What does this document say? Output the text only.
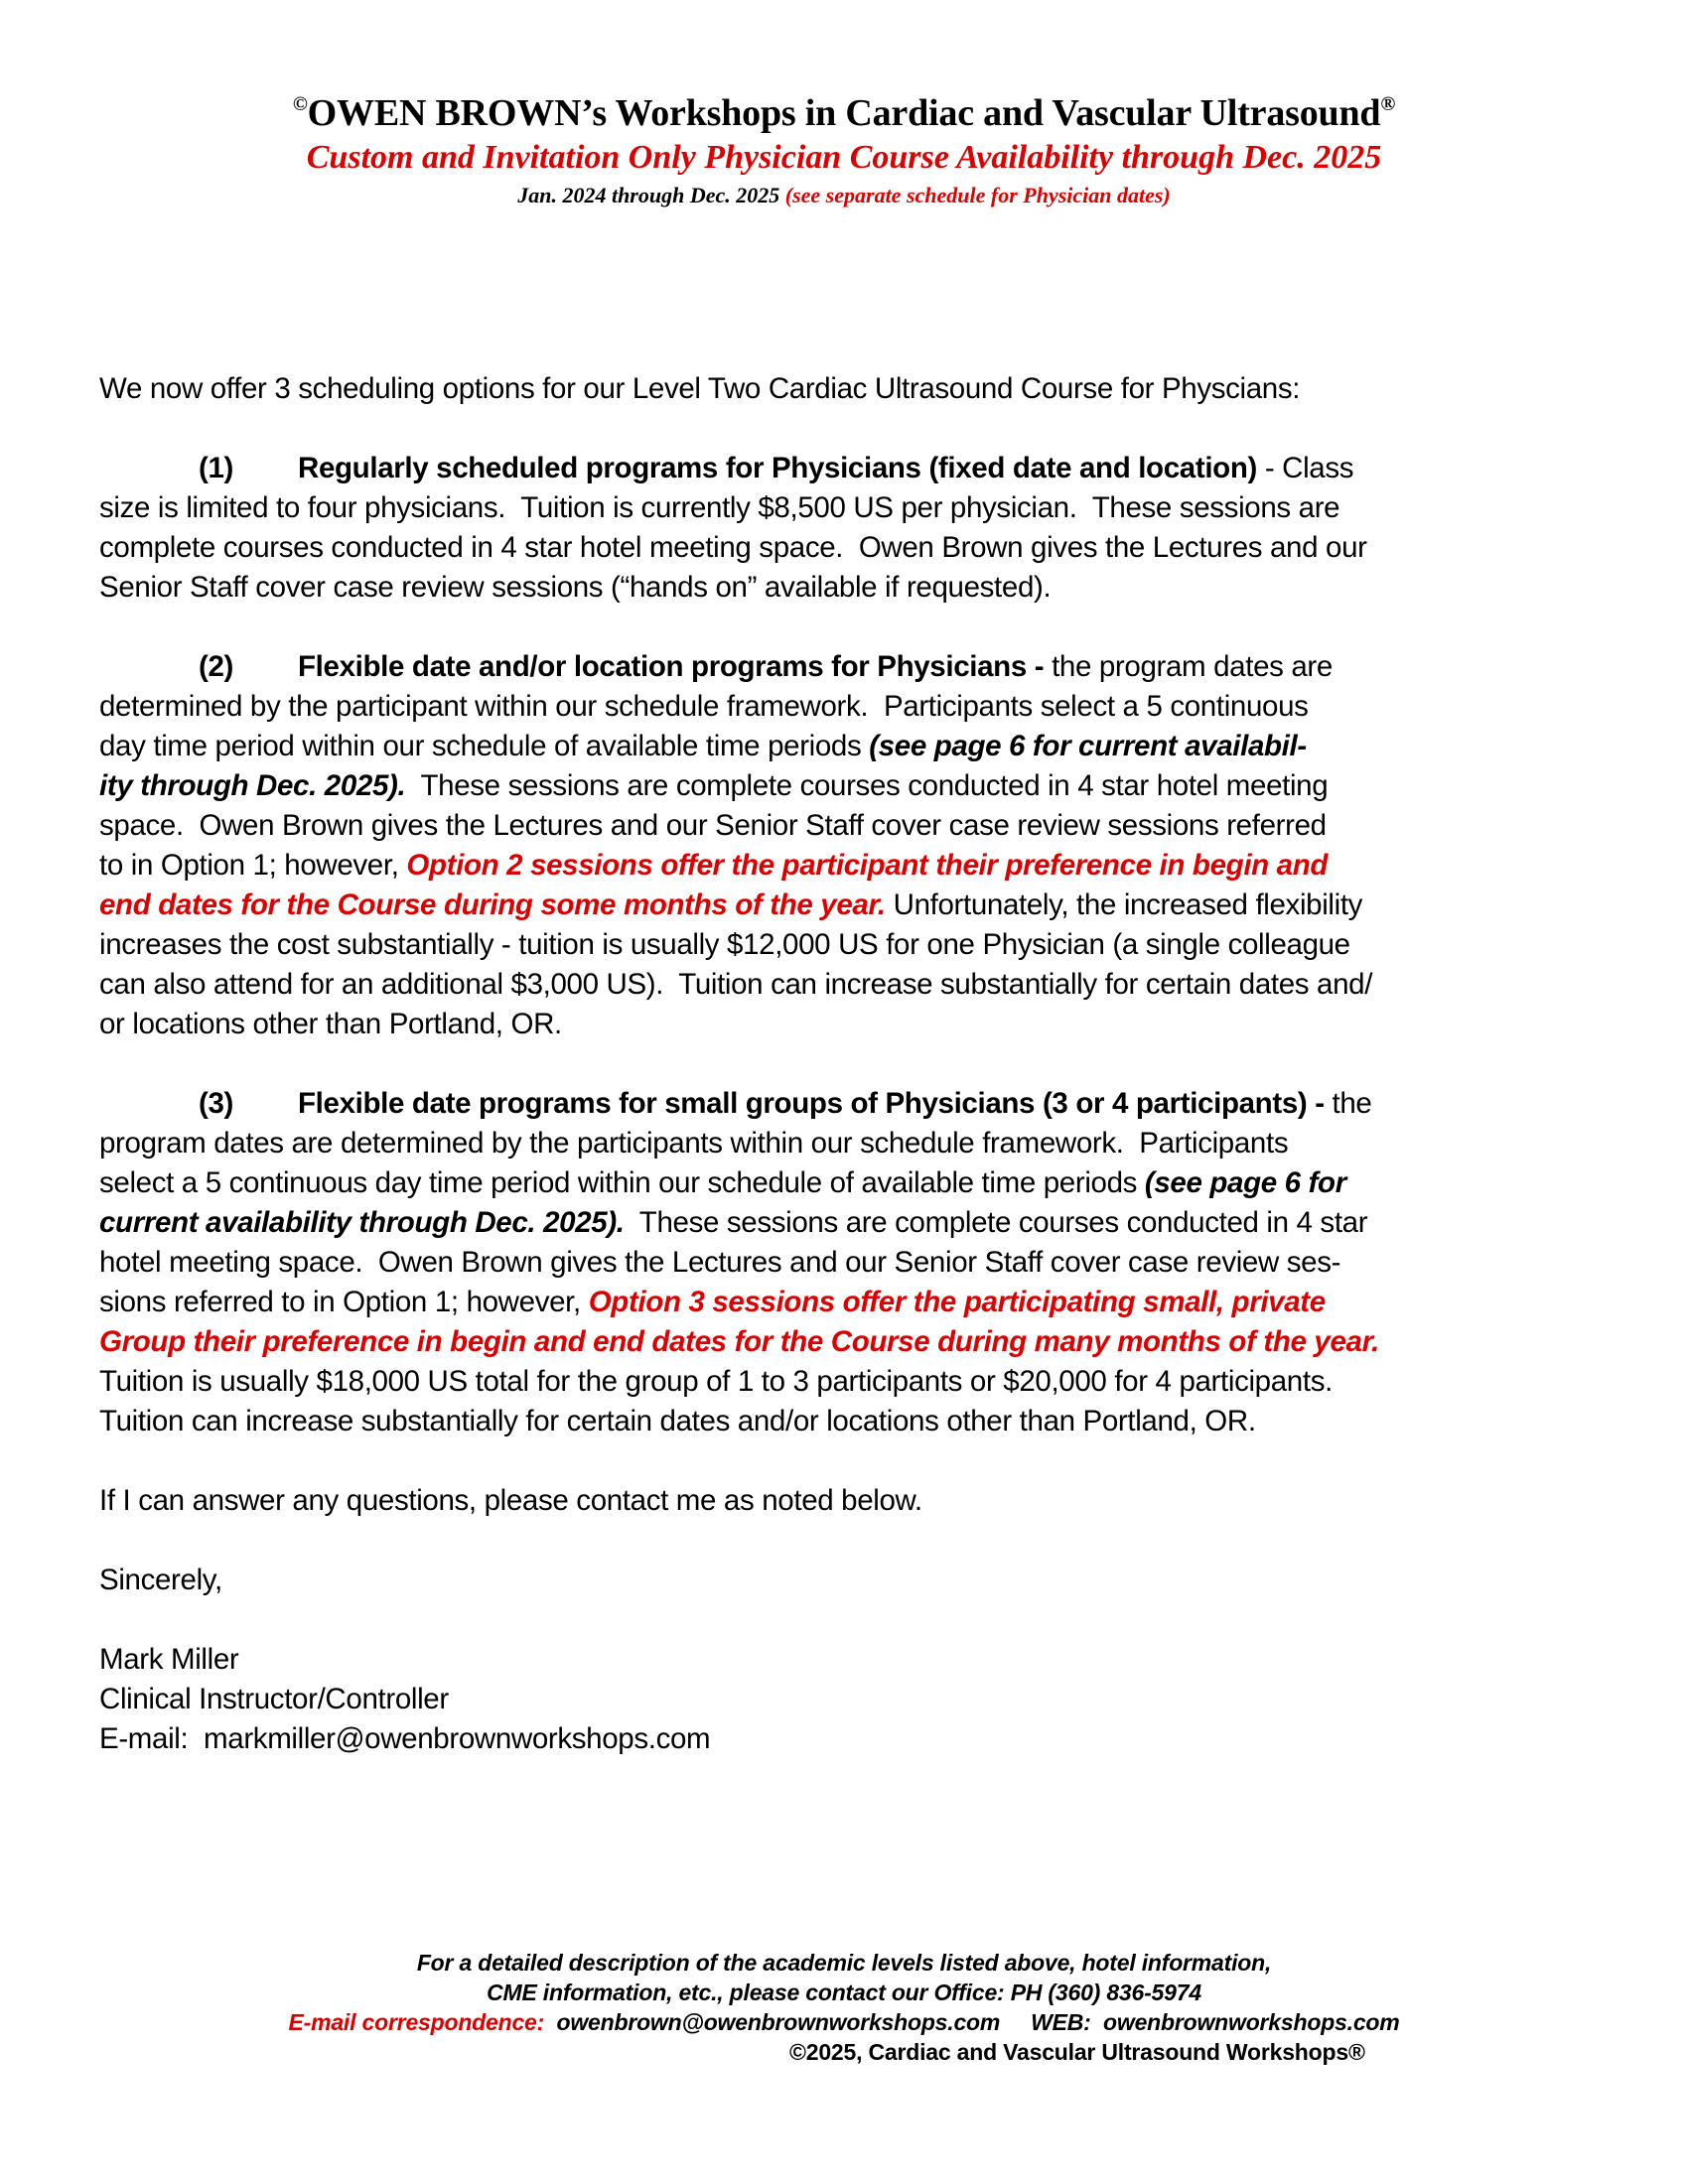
©OWEN BROWN’s Workshops in Cardiac and Vascular Ultrasound®
Custom and Invitation Only Physician Course Availability through Dec. 2025
Jan. 2024 through Dec. 2025 (see separate schedule for Physician dates)
We now offer 3 scheduling options for our Level Two Cardiac Ultrasound Course for Physcians:
(1) Regularly scheduled programs for Physicians (fixed date and location) - Class
size is limited to four physicians.  Tuition is currently $8,500 US per physician.  These sessions are
complete courses conducted in 4 star hotel meeting space.  Owen Brown gives the Lectures and our
Senior Staff cover case review sessions (“hands on” available if requested).
(2) Flexible date and/or location programs for Physicians - the program dates are
determined by the participant within our schedule framework.  Participants select a 5 continuous
day time period within our schedule of available time periods (see page 6 for current availabil-
ity through Dec. 2025).  These sessions are complete courses conducted in 4 star hotel meeting
space.  Owen Brown gives the Lectures and our Senior Staff cover case review sessions referred
to in Option 1; however, Option 2 sessions offer the participant their preference in begin and
end dates for the Course during some months of the year. Unfortunately, the increased flexibility
increases the cost substantially - tuition is usually $12,000 US for one Physician (a single colleague
can also attend for an additional $3,000 US).  Tuition can increase substantially for certain dates and/
or locations other than Portland, OR.
(3) Flexible date programs for small groups of Physicians (3 or 4 participants) - the
program dates are determined by the participants within our schedule framework.  Participants
select a 5 continuous day time period within our schedule of available time periods (see page 6 for
current availability through Dec. 2025).  These sessions are complete courses conducted in 4 star
hotel meeting space.  Owen Brown gives the Lectures and our Senior Staff cover case review ses-
sions referred to in Option 1; however, Option 3 sessions offer the participating small, private
Group their preference in begin and end dates for the Course during many months of the year.
Tuition is usually $18,000 US total for the group of 1 to 3 participants or $20,000 for 4 participants.
Tuition can increase substantially for certain dates and/or locations other than Portland, OR.
If I can answer any questions, please contact me as noted below.
Sincerely,
Mark Miller
Clinical Instructor/Controller
E-mail: markmiller@owenbrownworkshops.com
For a detailed description of the academic levels listed above, hotel information,
CME information, etc., please contact our Office: PH (360) 836-5974
E-mail correspondence: owenbrown@owenbrownworkshops.com WEB: owenbrownworkshops.com
©2025, Cardiac and Vascular Ultrasound Workshops®
